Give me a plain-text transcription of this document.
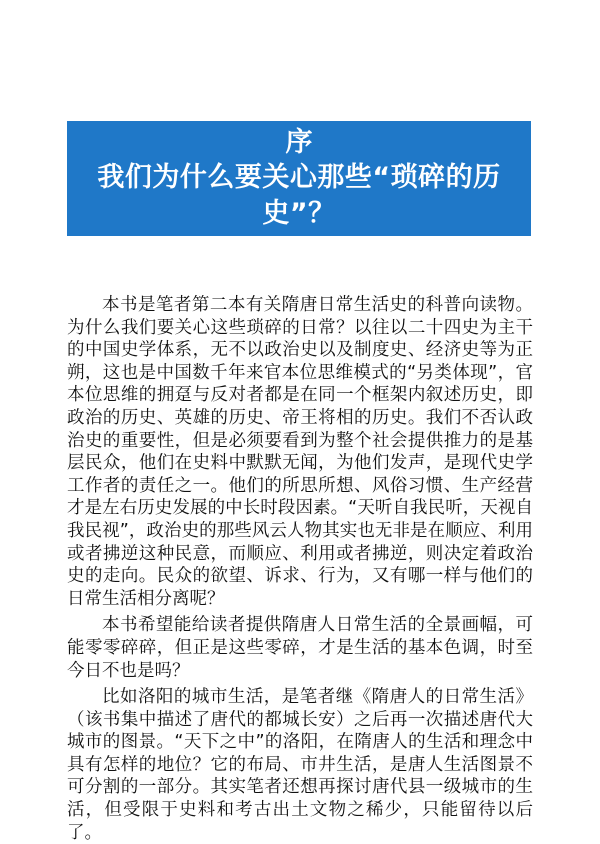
序
我们为什么要关心那些“琐碎的历史”？

本书是笔者第二本有关隋唐日常生活史的科普向读物。为什么我们要关心这些琐碎的日常？以往以二十四史为主干的中国史学体系，无不以政治史以及制度史、经济史等为正朔，这也是中国数千年来官本位思维模式的“另类体现”，官本位思维的拥趸与反对者都是在同一个框架内叙述历史，即政治的历史、英雄的历史、帝王将相的历史。我们不否认政治史的重要性，但是必须要看到为整个社会提供推力的是基层民众，他们在史料中默默无闻，为他们发声，是现代史学工作者的责任之一。他们的所思所想、风俗习惯、生产经营才是左右历史发展的中长时段因素。“天听自我民听，天视自我民视”，政治史的那些风云人物其实也无非是在顺应、利用或者拂逆这种民意，而顺应、利用或者拂逆，则决定着政治史的走向。民众的欲望、诉求、行为，又有哪一样与他们的日常生活相分离呢？

本书希望能给读者提供隋唐人日常生活的全景画幅，可能零零碎碎，但正是这些零碎，才是生活的基本色调，时至今日不也是吗？

比如洛阳的城市生活，是笔者继《隋唐人的日常生活》（该书集中描述了唐代的都城长安）之后再一次描述唐代大城市的图景。“天下之中”的洛阳，在隋唐人的生活和理念中具有怎样的地位？它的布局、市井生活，是唐人生活图景不可分割的一部分。其实笔者还想再探讨唐代县一级城市的生活，但受限于史料和考古出土文物之稀少，只能留待以后了。
